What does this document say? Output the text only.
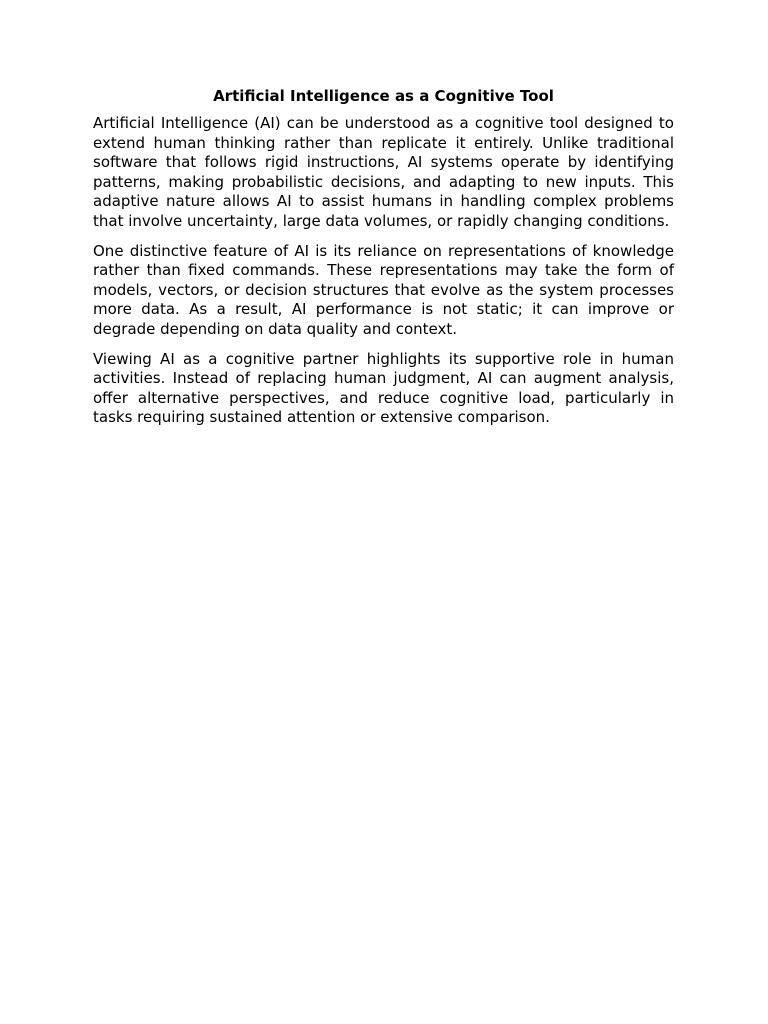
Artificial Intelligence as a Cognitive Tool

Artificial Intelligence (AI) can be understood as a cognitive tool designed to extend human thinking rather than replicate it entirely. Unlike traditional software that follows rigid instructions, AI systems operate by identifying patterns, making probabilistic decisions, and adapting to new inputs. This adaptive nature allows AI to assist humans in handling complex problems that involve uncertainty, large data volumes, or rapidly changing conditions.

One distinctive feature of AI is its reliance on representations of knowledge rather than fixed commands. These representations may take the form of models, vectors, or decision structures that evolve as the system processes more data. As a result, AI performance is not static; it can improve or degrade depending on data quality and context.

Viewing AI as a cognitive partner highlights its supportive role in human activities. Instead of replacing human judgment, AI can augment analysis, offer alternative perspectives, and reduce cognitive load, particularly in tasks requiring sustained attention or extensive comparison.
